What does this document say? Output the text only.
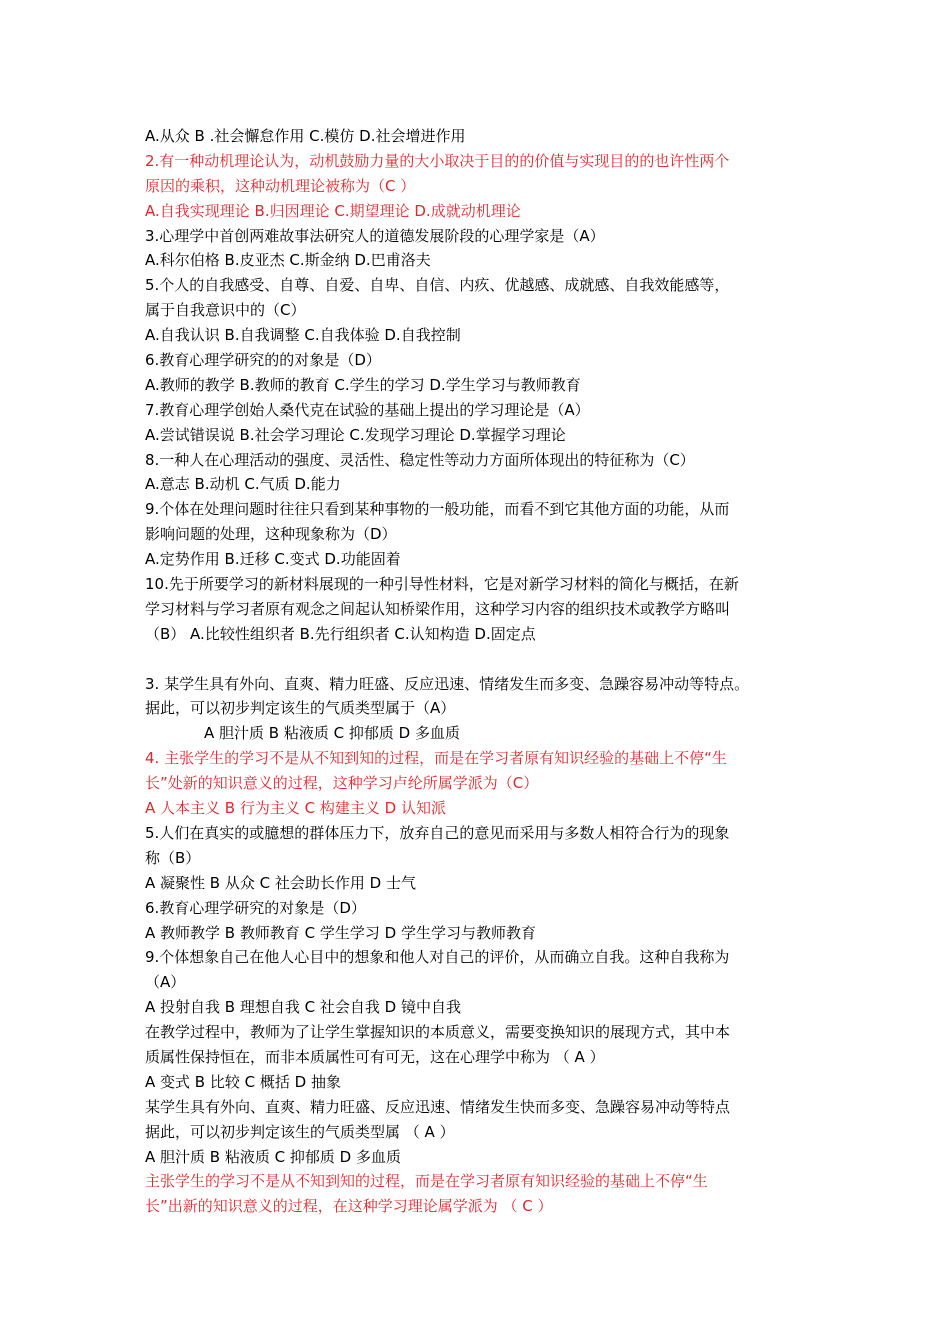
A.从众 B .社会懈怠作用 C.模仿 D.社会增进作用
2.有一种动机理论认为，动机鼓励力量的大小取决于目的的价值与实现目的的也许性两个
原因的乘积，这种动机理论被称为（C ）
A.自我实现理论 B.归因理论 C.期望理论 D.成就动机理论
3.心理学中首创两难故事法研究人的道德发展阶段的心理学家是（A）
A.科尔伯格 B.皮亚杰 C.斯金纳 D.巴甫洛夫
5.个人的自我感受、自尊、自爱、自卑、自信、内疚、优越感、成就感、自我效能感等，
属于自我意识中的（C）
A.自我认识 B.自我调整 C.自我体验 D.自我控制
6.教育心理学研究的的对象是（D）
A.教师的教学 B.教师的教育 C.学生的学习 D.学生学习与教师教育
7.教育心理学创始人桑代克在试验的基础上提出的学习理论是（A）
A.尝试错误说 B.社会学习理论 C.发现学习理论 D.掌握学习理论
8.一种人在心理活动的强度、灵活性、稳定性等动力方面所体现出的特征称为（C）
A.意志 B.动机 C.气质 D.能力
9.个体在处理问题时往往只看到某种事物的一般功能，而看不到它其他方面的功能，从而
影响问题的处理，这种现象称为（D）
A.定势作用 B.迁移 C.变式 D.功能固着
10.先于所要学习的新材料展现的一种引导性材料，它是对新学习材料的简化与概括，在新
学习材料与学习者原有观念之间起认知桥梁作用，这种学习内容的组织技术或教学方略叫
（B） A.比较性组织者 B.先行组织者 C.认知构造 D.固定点
3. 某学生具有外向、直爽、精力旺盛、反应迅速、情绪发生而多变、急躁容易冲动等特点。
据此，可以初步判定该生的气质类型属于（A）
A 胆汁质 B 粘液质 C 抑郁质 D 多血质
4. 主张学生的学习不是从不知到知的过程，而是在学习者原有知识经验的基础上不停“生
长”处新的知识意义的过程，这种学习卢纶所属学派为（C）
A 人本主义 B 行为主义 C 构建主义 D 认知派
5.人们在真实的或臆想的群体压力下，放弃自己的意见而采用与多数人相符合行为的现象
称（B）
A 凝聚性 B 从众 C 社会助长作用 D 士气
6.教育心理学研究的对象是（D）
A 教师教学 B 教师教育 C 学生学习 D 学生学习与教师教育
9.个体想象自己在他人心目中的想象和他人对自己的评价，从而确立自我。这种自我称为
（A）
A 投射自我 B 理想自我 C 社会自我 D 镜中自我
在教学过程中，教师为了让学生掌握知识的本质意义，需要变换知识的展现方式，其中本
质属性保持恒在，而非本质属性可有可无，这在心理学中称为 （ A ）
A 变式 B 比较 C 概括 D 抽象
某学生具有外向、直爽、精力旺盛、反应迅速、情绪发生快而多变、急躁容易冲动等特点
据此，可以初步判定该生的气质类型属 （ A ）
A 胆汁质 B 粘液质 C 抑郁质 D 多血质
主张学生的学习不是从不知到知的过程，而是在学习者原有知识经验的基础上不停“生
长”出新的知识意义的过程，在这种学习理论属学派为 （ C ）
